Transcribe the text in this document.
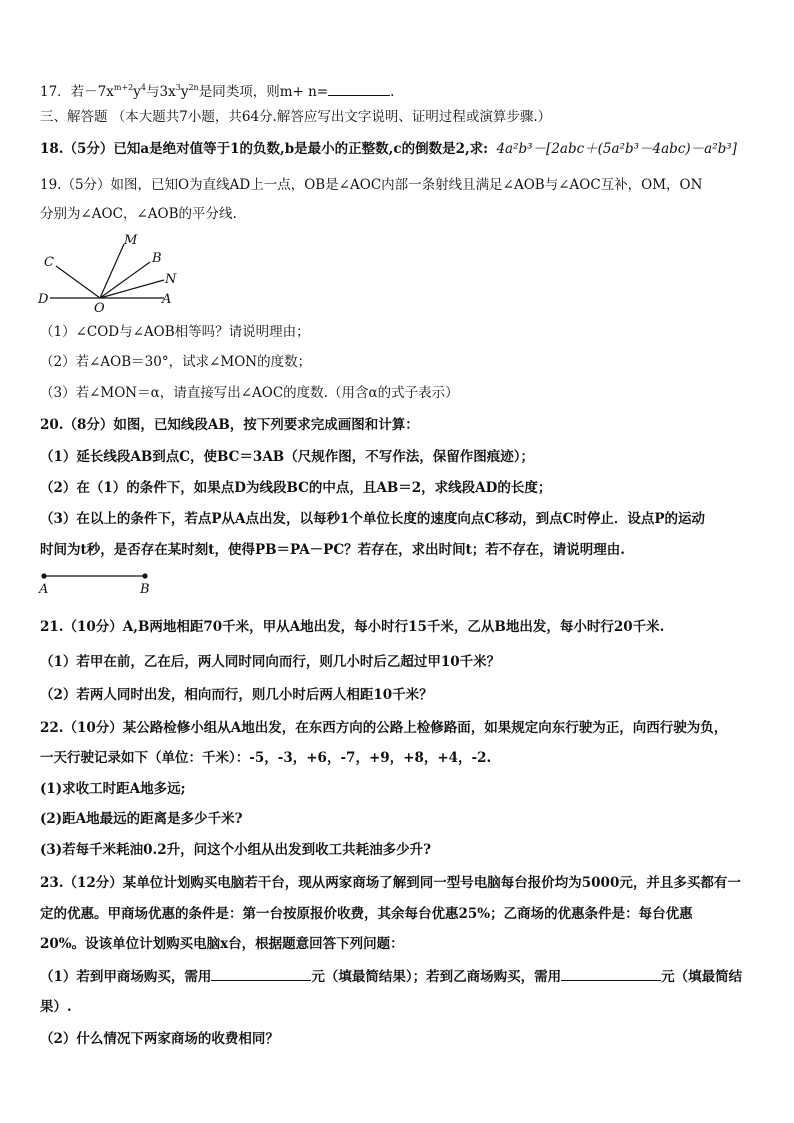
17．若$-7x^{m+2}y^4$与$3x^3y^{2n}$是同类项，则m+ n=	.
三、解答题 （本大题共7小题，共64分.解答应写出文字说明、证明过程或演算步骤.）
18.（5分）已知a是绝对值等于1的负数,b是最小的正整数,c的倒数是2,求: 4a²b³－[2abc＋(5a²b³－4abc)－a²b³]
19.（5分）如图，已知O为直线AD上一点，OB是∠AOC内部一条射线且满足∠AOB与∠AOC互补，OM，ON
分别为∠AOC，∠AOB的平分线.
C
M
B
N
D
O
A
（1）∠COD与∠AOB相等吗？请说明理由；
（2）若∠AOB＝30°，试求∠MON的度数；
（3）若∠MON＝α，请直接写出∠AOC的度数.（用含α的式子表示）
20.（8分）如图，已知线段AB，按下列要求完成画图和计算：
（1）延长线段AB到点C，使BC＝3AB（尺规作图，不写作法，保留作图痕迹）；
（2）在（1）的条件下，如果点D为线段BC的中点，且AB＝2，求线段AD的长度；
（3）在以上的条件下，若点P从A点出发，以每秒1个单位长度的速度向点C移动，到点C时停止．设点P的运动
时间为t秒，是否存在某时刻t，使得PB＝PA－PC？若存在，求出时间t；若不存在，请说明理由.
A	B
21.（10分）A,B两地相距70千米，甲从A地出发，每小时行15千米，乙从B地出发，每小时行20千米.
（1）若甲在前，乙在后，两人同时同向而行，则几小时后乙超过甲10千米？
（2）若两人同时出发，相向而行，则几小时后两人相距10千米？
22.（10分）某公路检修小组从A地出发，在东西方向的公路上检修路面，如果规定向东行驶为正，向西行驶为负，
一天行驶记录如下（单位：千米）：-5，-3，+6，-7，+9，+8，+4，-2.
(1)求收工时距A地多远;
(2)距A地最远的距离是多少千米?
(3)若每千米耗油0.2升，问这个小组从出发到收工共耗油多少升?
23.（12分）某单位计划购买电脑若干台，现从两家商场了解到同一型号电脑每台报价均为5000元，并且多买都有一
定的优惠。甲商场优惠的条件是：第一台按原报价收费，其余每台优惠25%；乙商场的优惠条件是：每台优惠
20%。设该单位计划购买电脑x台，根据题意回答下列问题：
（1）若到甲商场购买，需用	元（填最简结果）；若到乙商场购买，需用	元（填最简结
果）.
（2）什么情况下两家商场的收费相同？
